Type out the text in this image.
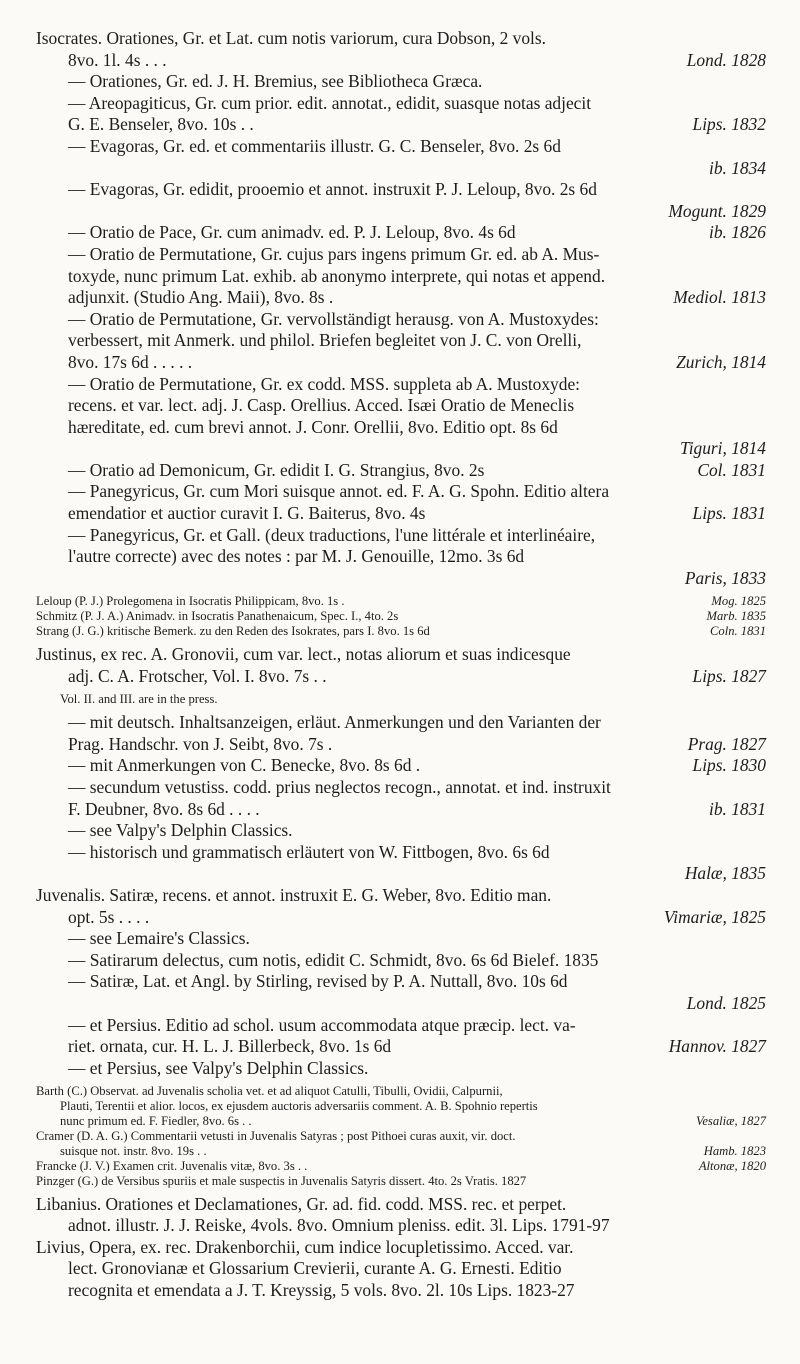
Isocrates. Orationes, Gr. et Lat. cum notis variorum, cura Dobson, 2 vols.
8vo. 1l. 4s . . .	Lond. 1828
— Orationes, Gr. ed. J. H. Bremius, see Bibliotheca Græca.
— Areopagiticus, Gr. cum prior. edit. annotat., edidit, suasque notas adjecit
G. E. Benseler, 8vo. 10s . .	Lips. 1832
— Evagoras, Gr. ed. et commentariis illustr. G. C. Benseler, 8vo. 2s 6d
ib. 1834
— Evagoras, Gr. edidit, prooemio et annot. instruxit P. J. Leloup, 8vo. 2s 6d
Mogunt. 1829
— Oratio de Pace, Gr. cum animadv. ed. P. J. Leloup, 8vo. 4s 6d	ib. 1826
— Oratio de Permutatione, Gr. cujus pars ingens primum Gr. ed. ab A. Mus-
toxyde, nunc primum Lat. exhib. ab anonymo interprete, qui notas et append.
adjunxit. (Studio Ang. Maii), 8vo. 8s .	Mediol. 1813
— Oratio de Permutatione, Gr. vervollständigt herausg. von A. Mustoxydes:
verbessert, mit Anmerk. und philol. Briefen begleitet von J. C. von Orelli,
8vo. 17s 6d . . . . .	Zurich, 1814
— Oratio de Permutatione, Gr. ex codd. MSS. suppleta ab A. Mustoxyde:
recens. et var. lect. adj. J. Casp. Orellius. Acced. Isæi Oratio de Meneclis
hæreditate, ed. cum brevi annot. J. Conr. Orellii, 8vo. Editio opt. 8s 6d
Tiguri, 1814
— Oratio ad Demonicum, Gr. edidit I. G. Strangius, 8vo. 2s	Col. 1831
— Panegyricus, Gr. cum Mori suisque annot. ed. F. A. G. Spohn. Editio altera
emendatior et auctior curavit I. G. Baiterus, 8vo. 4s	Lips. 1831
— Panegyricus, Gr. et Gall. (deux traductions, l'une littérale et interlinéaire,
l'autre correcte) avec des notes : par M. J. Genouille, 12mo. 3s 6d
Paris, 1833
Leloup (P. J.) Prolegomena in Isocratis Philippicam, 8vo. 1s .	Mog. 1825
Schmitz (P. J. A.) Animadv. in Isocratis Panathenaicum, Spec. I., 4to. 2s	Marb. 1835
Strang (J. G.) kritische Bemerk. zu den Reden des Isokrates, pars I. 8vo. 1s 6d	Coln. 1831
Justinus, ex rec. A. Gronovii, cum var. lect., notas aliorum et suas indicesque
adj. C. A. Frotscher, Vol. I. 8vo. 7s . .	Lips. 1827
Vol. II. and III. are in the press.
— mit deutsch. Inhaltsanzeigen, erläut. Anmerkungen und den Varianten der
Prag. Handschr. von J. Seibt, 8vo. 7s .	Prag. 1827
— mit Anmerkungen von C. Benecke, 8vo. 8s 6d .	Lips. 1830
— secundum vetustiss. codd. prius neglectos recogn., annotat. et ind. instruxit
F. Deubner, 8vo. 8s 6d . . . .	ib. 1831
— see Valpy's Delphin Classics.
— historisch und grammatisch erläutert von W. Fittbogen, 8vo. 6s 6d
Halæ, 1835
Juvenalis. Satiræ, recens. et annot. instruxit E. G. Weber, 8vo. Editio man.
opt. 5s . . . .	Vimariæ, 1825
— see Lemaire's Classics.
— Satirarum delectus, cum notis, edidit C. Schmidt, 8vo. 6s 6d Bielef. 1835
— Satiræ, Lat. et Angl. by Stirling, revised by P. A. Nuttall, 8vo. 10s 6d
Lond. 1825
— et Persius. Editio ad schol. usum accommodata atque præcip. lect. va-
riet. ornata, cur. H. L. J. Billerbeck, 8vo. 1s 6d	Hannov. 1827
— et Persius, see Valpy's Delphin Classics.
Barth (C.) Observat. ad Juvenalis scholia vet. et ad aliquot Catulli, Tibulli, Ovidii, Calpurnii,
Plauti, Terentii et alior. locos, ex ejusdem auctoris adversariis comment. A. B. Spohnio repertis
nunc primum ed. F. Fiedler, 8vo. 6s . .	Vesaliæ, 1827
Cramer (D. A. G.) Commentarii vetusti in Juvenalis Satyras ; post Pithoei curas auxit, vir. doct.
suisque not. instr. 8vo. 19s . .	Hamb. 1823
Francke (J. V.) Examen crit. Juvenalis vitæ, 8vo. 3s . .	Altonæ, 1820
Pinzger (G.) de Versibus spuriis et male suspectis in Juvenalis Satyris dissert. 4to. 2s Vratis. 1827
Libanius. Orationes et Declamationes, Gr. ad. fid. codd. MSS. rec. et perpet.
adnot. illustr. J. J. Reiske, 4vols. 8vo. Omnium pleniss. edit. 3l. Lips. 1791-97
Livius, Opera, ex. rec. Drakenborchii, cum indice locupletissimo. Acced. var.
lect. Gronovianæ et Glossarium Crevierii, curante A. G. Ernesti. Editio
recognita et emendata a J. T. Kreyssig, 5 vols. 8vo. 2l. 10s Lips. 1823-27
